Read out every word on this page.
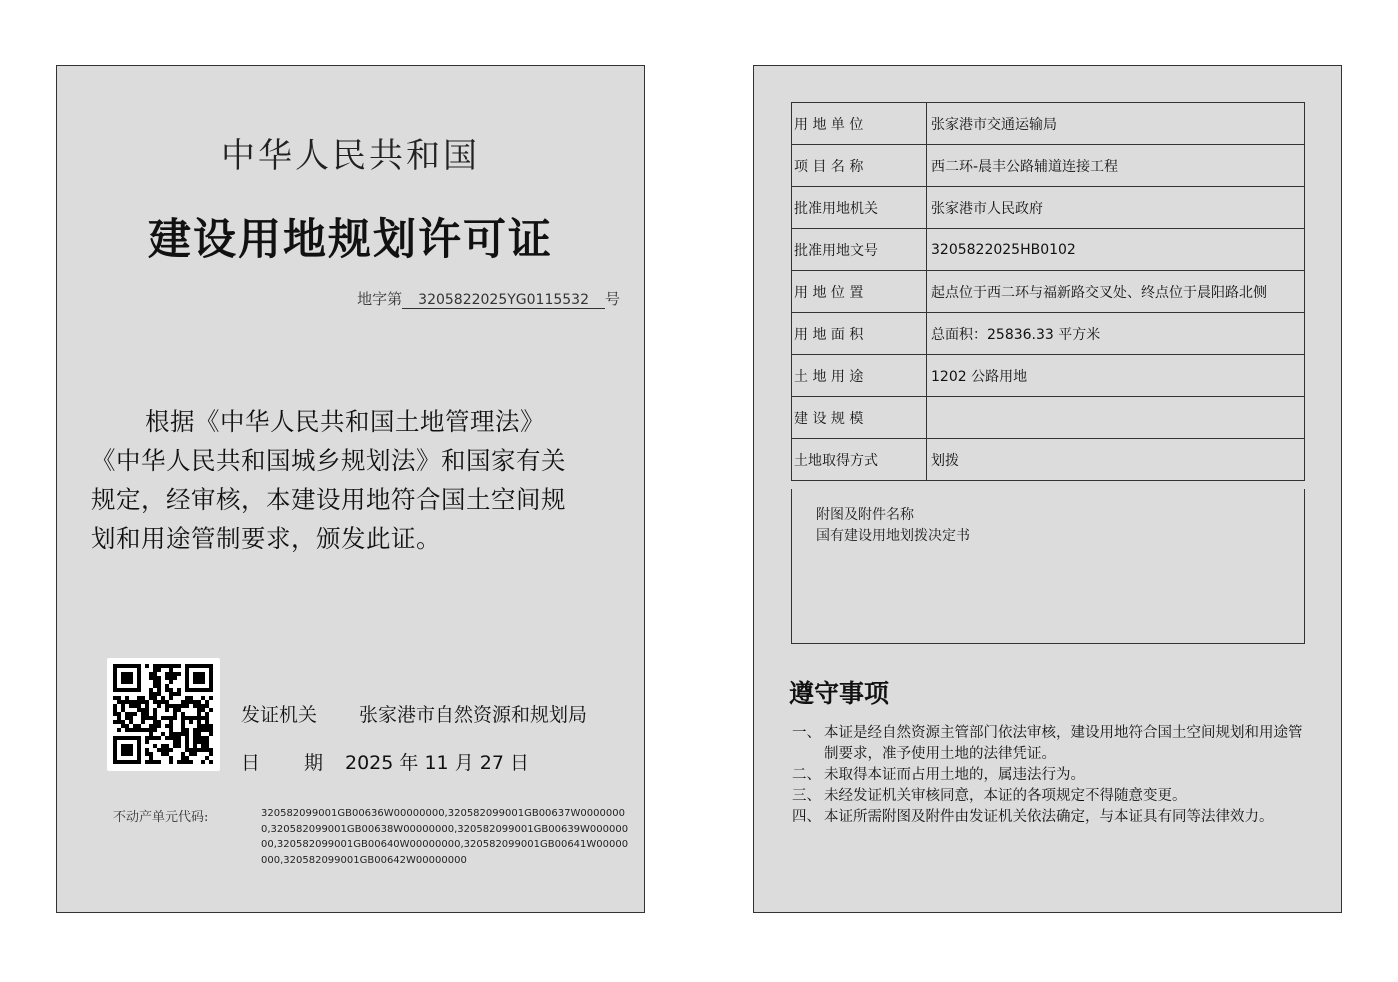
中华人民共和国
建设用地规划许可证
地字第 3205822025YG0115532 号

根据《中华人民共和国土地管理法》

《中华人民共和国城乡规划法》和国家有关

规定，经审核，本建设用地符合国土空间规

划和用途管制要求，颁发此证。

发证机关 张家港市自然资源和规划局
日 期 2025 年 11 月 27 日
不动产单元代码:	320582099001GB00636W00000000,320582099001GB00637W00000000,320582099001GB00638W00000000,320582099001GB00639W00000000,320582099001GB00640W00000000,320582099001GB00641W00000000,320582099001GB00642W00000000
用 地 单 位	张家港市交通运输局
项 目 名 称	西二环-晨丰公路辅道连接工程
批准用地机关	张家港市人民政府
批准用地文号	3205822025HB0102
用 地 位 置	起点位于西二环与福新路交叉处、终点位于晨阳路北侧
用 地 面 积	总面积：25836.33 平方米
土 地 用 途	1202 公路用地
建 设 规 模	
土地取得方式	划拨
附图及附件名称
国有建设用地划拨决定书
遵守事项
一、 本证是经自然资源主管部门依法审核，建设用地符合国土空间规划和用途管制要求，准予使用土地的法律凭证。
二、 未取得本证而占用土地的，属违法行为。
三、 未经发证机关审核同意，本证的各项规定不得随意变更。
四、 本证所需附图及附件由发证机关依法确定，与本证具有同等法律效力。
